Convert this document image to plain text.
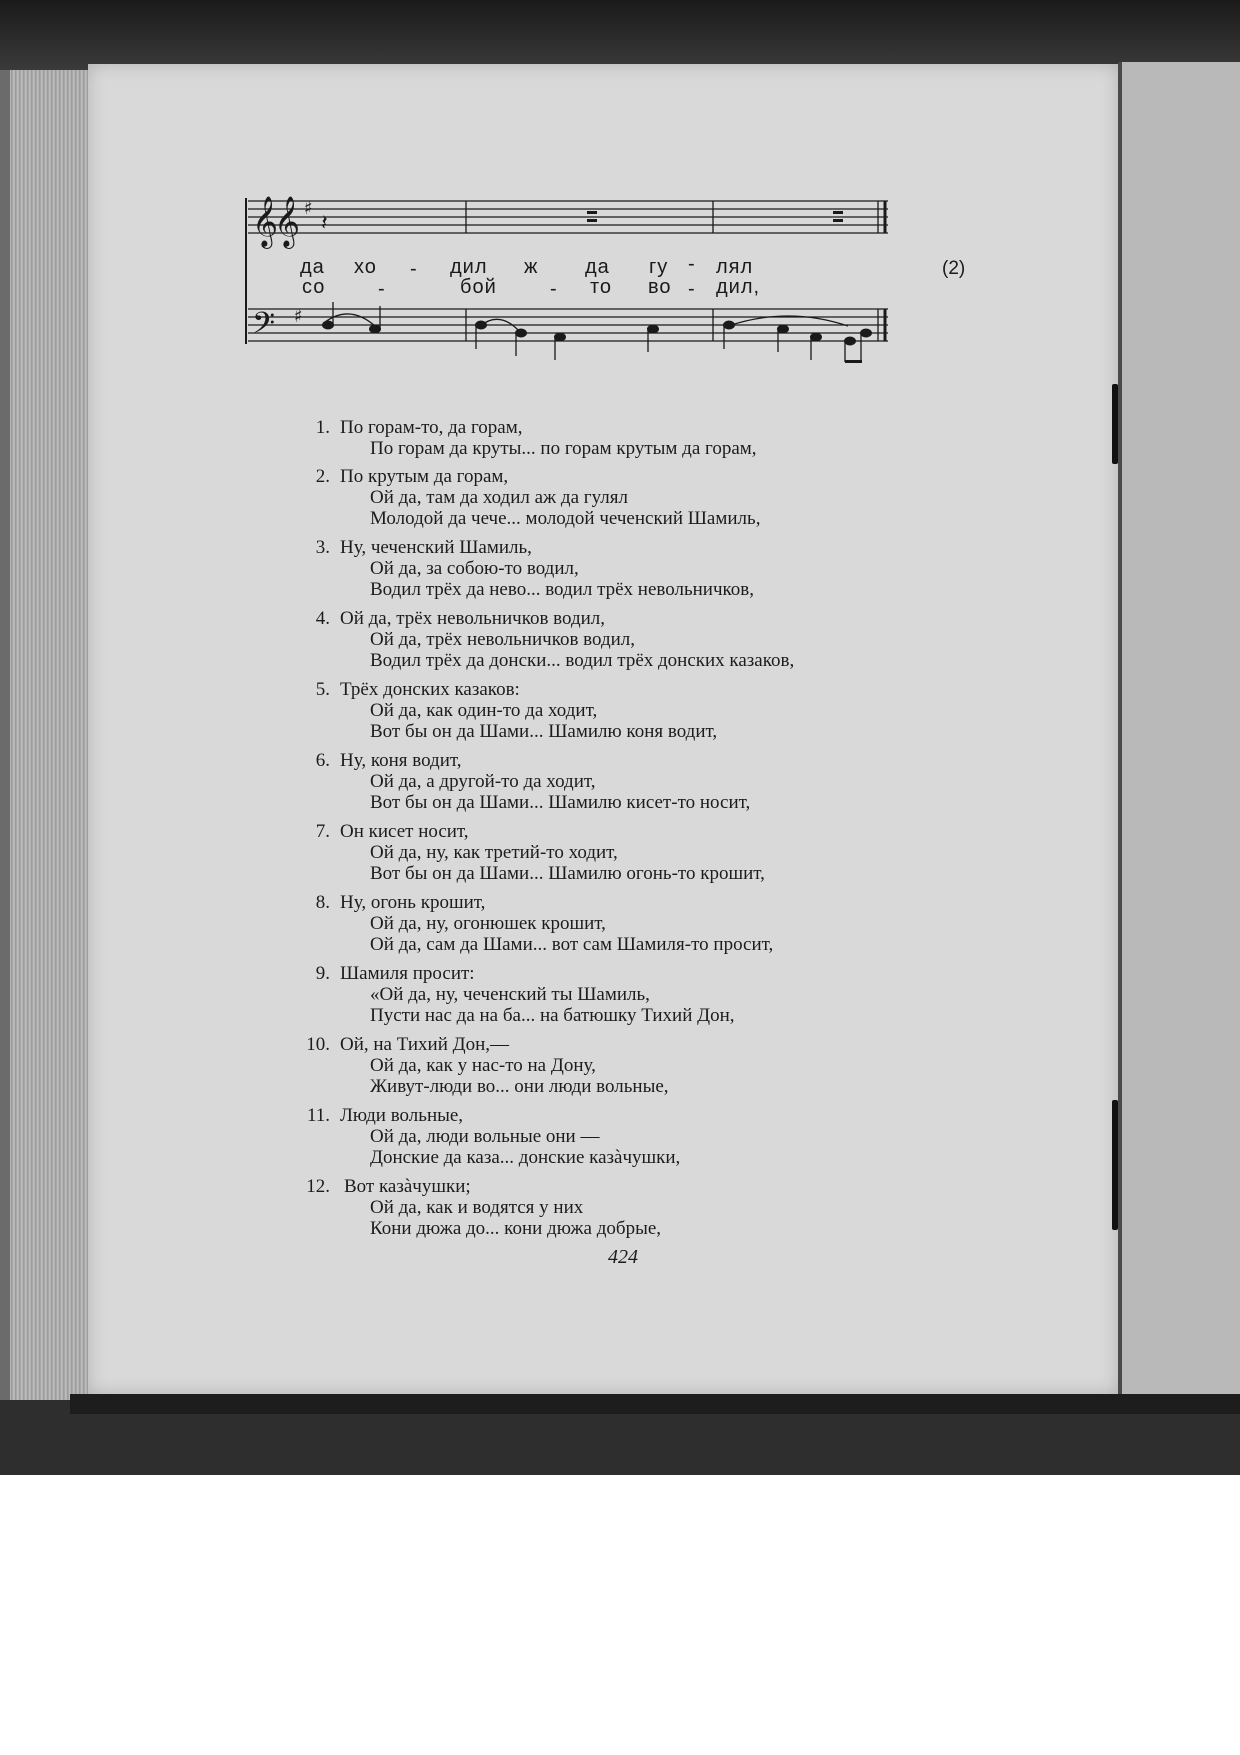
𝄞
𝄞
𝄢
♯
♯
𝄽
да хо - дил ж да гу - лял	(2)
со	-	бой	- то во - дил,
1. По горам-то, да горам,
По горам да круты... по горам крутым да горам,
2. По крутым да горам,
Ой да, там да ходил аж да гулял
Молодой да чече... молодой чеченский Шамиль,
3. Ну, чеченский Шамиль,
Ой да, за собою-то водил,
Водил трёх да нево... водил трёх невольничков,
4. Ой да, трёх невольничков водил,
Ой да, трёх невольничков водил,
Водил трёх да донски... водил трёх донских казаков,
5. Трёх донских казаков:
Ой да, как один-то да ходит,
Вот бы он да Шами... Шамилю коня водит,
6. Ну, коня водит,
Ой да, а другой-то да ходит,
Вот бы он да Шами... Шамилю кисет-то носит,
7. Он кисет носит,
Ой да, ну, как третий-то ходит,
Вот бы он да Шами... Шамилю огонь-то крошит,
8. Ну, огонь крошит,
Ой да, ну, огонюшек крошит,
Ой да, сам да Шами... вот сам Шамиля-то просит,
9. Шамиля просит:
«Ой да, ну, чеченский ты Шамиль,
Пусти нас да на ба... на батюшку Тихий Дон,
10. Ой, на Тихий Дон,—
Ой да, как у нас-то на Дону,
Живут-люди во... они люди вольные,
11. Люди вольные,
Ой да, люди вольные они —
Донские да каза... донские казàчушки,
12. Вот казàчушки;
Ой да, как и водятся у них
Кони дюжа до... кони дюжа добрые,
424
